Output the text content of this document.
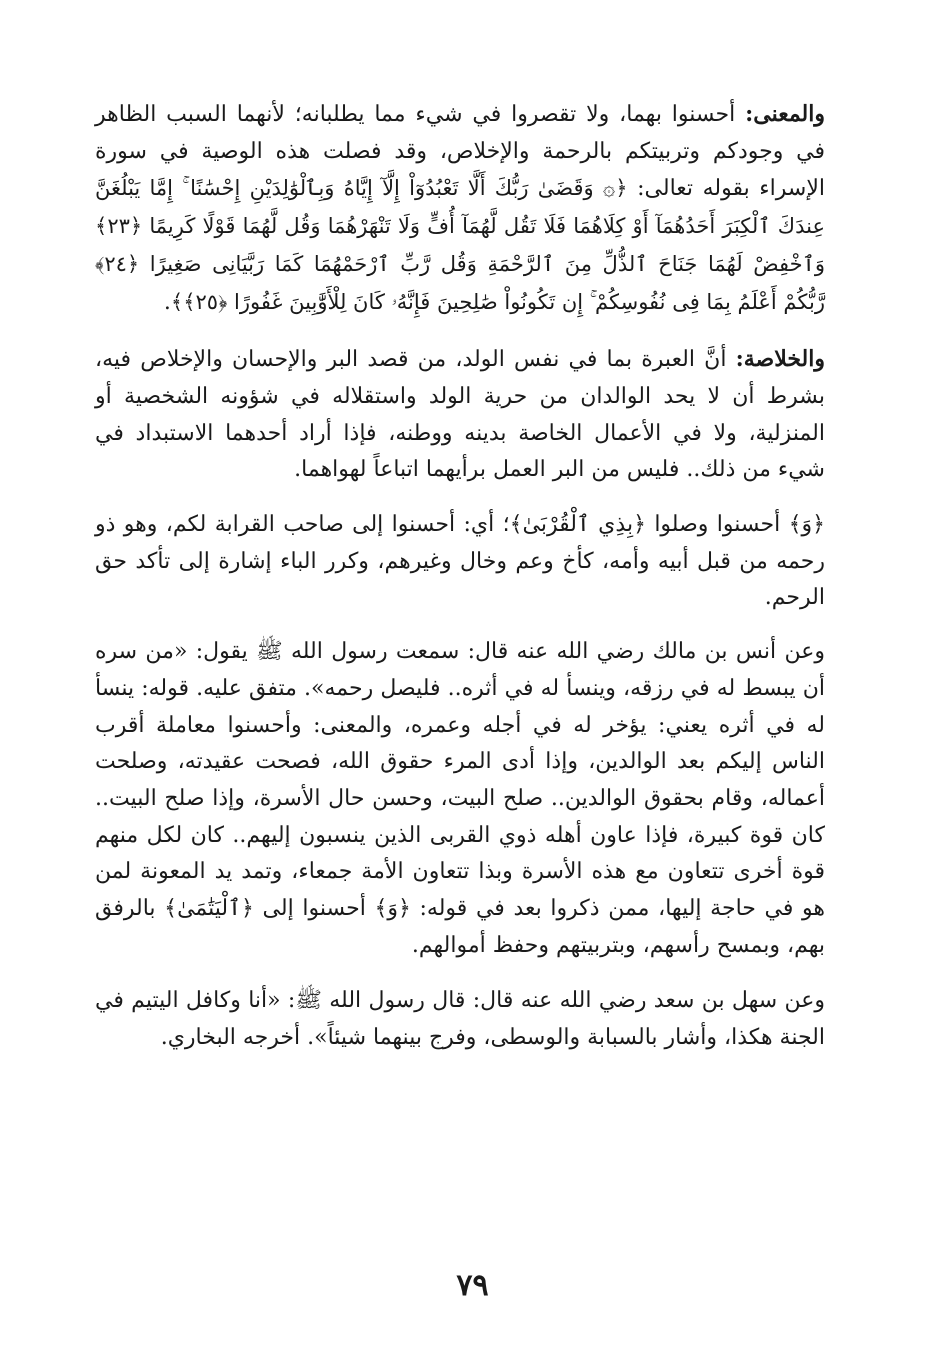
والمعنى: أحسنوا بهما، ولا تقصروا في شيء مما يطلبانه؛ لأنهما السبب الظاهر في وجودكم وتربيتكم بالرحمة والإخلاص، وقد فصلت هذه الوصية في سورة الإسراء بقوله تعالى: ﴿۞ وَقَضَىٰ رَبُّكَ أَلَّا تَعْبُدُوٓاْ إِلَّآ إِيَّاهُ وَبِٱلْوَٰلِدَيْنِ إِحْسَٰنًا ۚ إِمَّا يَبْلُغَنَّ عِندَكَ ٱلْكِبَرَ أَحَدُهُمَآ أَوْ كِلَاهُمَا فَلَا تَقُل لَّهُمَآ أُفٍّ وَلَا تَنْهَرْهُمَا وَقُل لَّهُمَا قَوْلًا كَرِيمًا ﴿٢٣﴾ وَٱخْفِضْ لَهُمَا جَنَاحَ ٱلذُّلِّ مِنَ ٱلرَّحْمَةِ وَقُل رَّبِّ ٱرْحَمْهُمَا كَمَا رَبَّيَانِى صَغِيرًا ﴿٢٤﴾ رَّبُّكُمْ أَعْلَمُ بِمَا فِى نُفُوسِكُمْ ۚ إِن تَكُونُواْ صَٰلِحِينَ فَإِنَّهُۥ كَانَ لِلْأَوَّٰبِينَ غَفُورًا ﴿٢٥﴾﴾.

والخلاصة: أنَّ العبرة بما في نفس الولد، من قصد البر والإحسان والإخلاص فيه، بشرط أن لا يحد الوالدان من حرية الولد واستقلاله في شؤونه الشخصية أو المنزلية، ولا في الأعمال الخاصة بدينه ووطنه، فإذا أراد أحدهما الاستبداد في شيء من ذلك.. فليس من البر العمل برأيهما اتباعاً لهواهما.

﴿وَ﴾ أحسنوا وصلوا ﴿بِذِي ٱلْقُرْبَىٰ﴾؛ أي: أحسنوا إلى صاحب القرابة لكم، وهو ذو رحمه من قبل أبيه وأمه، كأخ وعم وخال وغيرهم، وكرر الباء إشارة إلى تأكد حق الرحم.

وعن أنس بن مالك رضي الله عنه قال: سمعت رسول الله ﷺ يقول: «من سره أن يبسط له في رزقه، وينسأ له في أثره.. فليصل رحمه». متفق عليه. قوله: ينسأ له في أثره يعني: يؤخر له في أجله وعمره، والمعنى: وأحسنوا معاملة أقرب الناس إليكم بعد الوالدين، وإذا أدى المرء حقوق الله، فصحت عقيدته، وصلحت أعماله، وقام بحقوق الوالدين.. صلح البيت، وحسن حال الأسرة، وإذا صلح البيت.. كان قوة كبيرة، فإذا عاون أهله ذوي القربى الذين ينسبون إليهم.. كان لكل منهم قوة أخرى تتعاون مع هذه الأسرة وبذا تتعاون الأمة جمعاء، وتمد يد المعونة لمن هو في حاجة إليها، ممن ذكروا بعد في قوله: ﴿وَ﴾ أحسنوا إلى ﴿ٱلْيَتَٰمَىٰ﴾ بالرفق بهم، وبمسح رأسهم، وبتربيتهم وحفظ أموالهم.

وعن سهل بن سعد رضي الله عنه قال: قال رسول الله ﷺ: «أنا وكافل اليتيم في الجنة هكذا، وأشار بالسبابة والوسطى، وفرج بينهما شيئاً». أخرجه البخاري.

٧٩
